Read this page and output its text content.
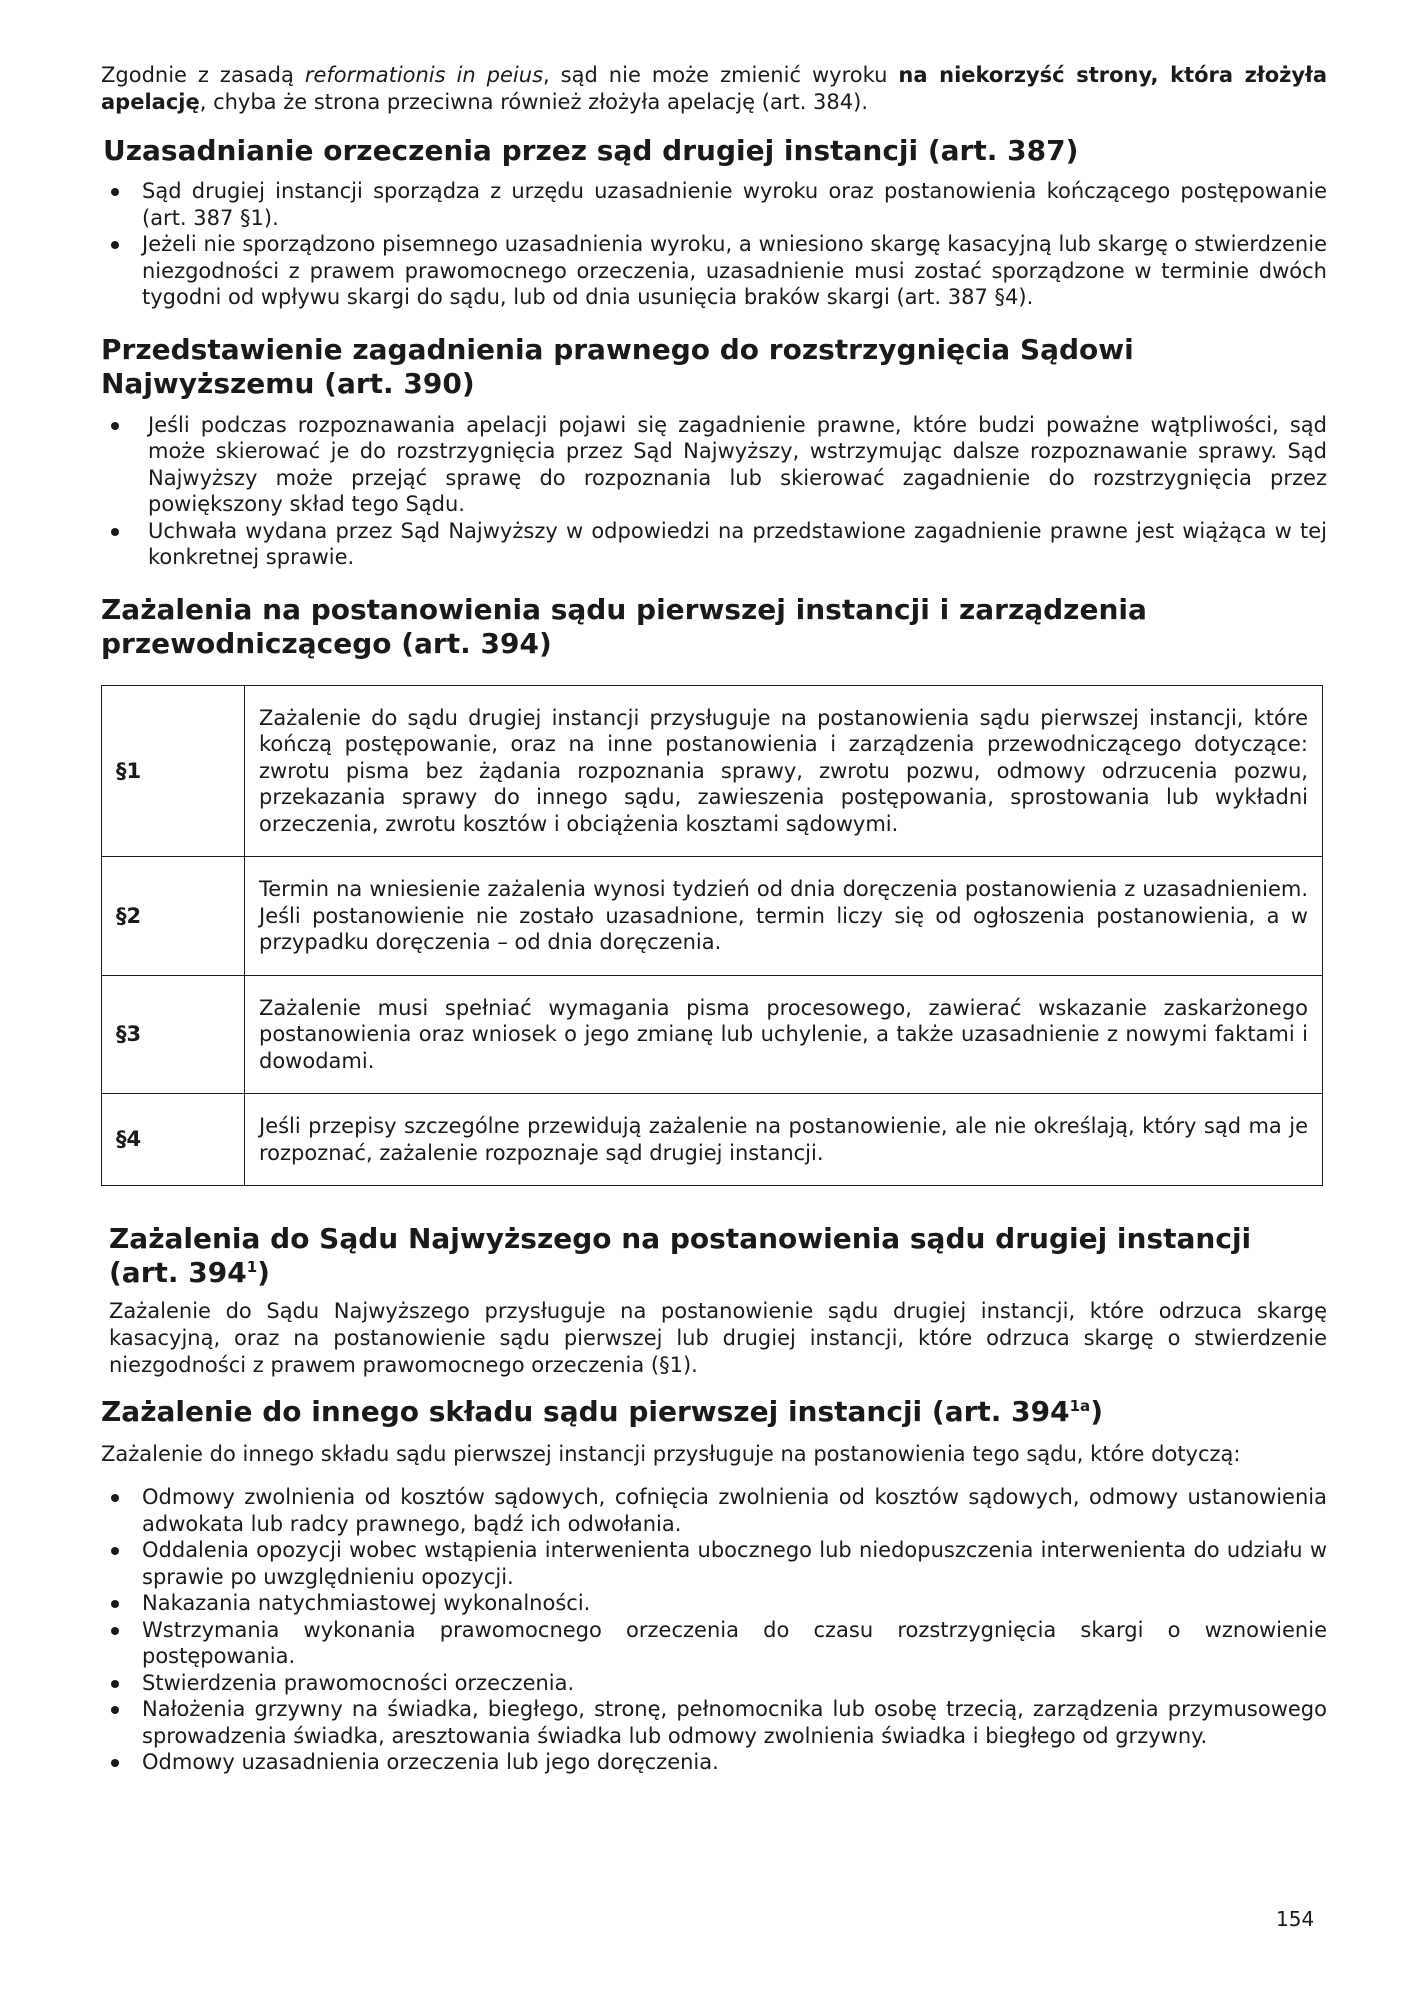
Zgodnie z zasadą reformationis in peius, sąd nie może zmienić wyroku na niekorzyść strony, która złożyła apelację, chyba że strona przeciwna również złożyła apelację (art. 384).

Uzasadnianie orzeczenia przez sąd drugiej instancji (art. 387)
Sąd drugiej instancji sporządza z urzędu uzasadnienie wyroku oraz postanowienia kończącego postępowanie (art. 387 §1).
Jeżeli nie sporządzono pisemnego uzasadnienia wyroku, a wniesiono skargę kasacyjną lub skargę o stwierdzenie niezgodności z prawem prawomocnego orzeczenia, uzasadnienie musi zostać sporządzone w terminie dwóch tygodni od wpływu skargi do sądu, lub od dnia usunięcia braków skargi (art. 387 §4).
Przedstawienie zagadnienia prawnego do rozstrzygnięcia Sądowi
Najwyższemu (art. 390)
Jeśli podczas rozpoznawania apelacji pojawi się zagadnienie prawne, które budzi poważne wątpliwości, sąd może skierować je do rozstrzygnięcia przez Sąd Najwyższy, wstrzymując dalsze rozpoznawanie sprawy. Sąd Najwyższy może przejąć sprawę do rozpoznania lub skierować zagadnienie do rozstrzygnięcia przez powiększony skład tego Sądu.
Uchwała wydana przez Sąd Najwyższy w odpowiedzi na przedstawione zagadnienie prawne jest wiążąca w tej konkretnej sprawie.
Zażalenia na postanowienia sądu pierwszej instancji i zarządzenia
przewodniczącego (art. 394)
§1	Zażalenie do sądu drugiej instancji przysługuje na postanowienia sądu pierwszej instancji, które kończą postępowanie, oraz na inne postanowienia i zarządzenia przewodniczącego dotyczące: zwrotu pisma bez żądania rozpoznania sprawy, zwrotu pozwu, odmowy odrzucenia pozwu, przekazania sprawy do innego sądu, zawieszenia postępowania, sprostowania lub wykładni orzeczenia, zwrotu kosztów i obciążenia kosztami sądowymi.
§2	Termin na wniesienie zażalenia wynosi tydzień od dnia doręczenia postanowienia z uzasadnieniem. Jeśli postanowienie nie zostało uzasadnione, termin liczy się od ogłoszenia postanowienia, a w przypadku doręczenia – od dnia doręczenia.
§3	Zażalenie musi spełniać wymagania pisma procesowego, zawierać wskazanie zaskarżonego postanowienia oraz wniosek o jego zmianę lub uchylenie, a także uzasadnienie z nowymi faktami i dowodami.
§4	Jeśli przepisy szczególne przewidują zażalenie na postanowienie, ale nie określają, który sąd ma je rozpoznać, zażalenie rozpoznaje sąd drugiej instancji.
Zażalenia do Sądu Najwyższego na postanowienia sądu drugiej instancji
(art. $394^1$)

Zażalenie do Sądu Najwyższego przysługuje na postanowienie sądu drugiej instancji, które odrzuca skargę kasacyjną, oraz na postanowienie sądu pierwszej lub drugiej instancji, które odrzuca skargę o stwierdzenie niezgodności z prawem prawomocnego orzeczenia (§1).

Zażalenie do innego składu sądu pierwszej instancji (art. $394^{1a}$)

Zażalenie do innego składu sądu pierwszej instancji przysługuje na postanowienia tego sądu, które dotyczą:

Odmowy zwolnienia od kosztów sądowych, cofnięcia zwolnienia od kosztów sądowych, odmowy ustanowienia adwokata lub radcy prawnego, bądź ich odwołania.
Oddalenia opozycji wobec wstąpienia interwenienta ubocznego lub niedopuszczenia interwenienta do udziału w sprawie po uwzględnieniu opozycji.
Nakazania natychmiastowej wykonalności.
Wstrzymania wykonania prawomocnego orzeczenia do czasu rozstrzygnięcia skargi o wznowienie postępowania.
Stwierdzenia prawomocności orzeczenia.
Nałożenia grzywny na świadka, biegłego, stronę, pełnomocnika lub osobę trzecią, zarządzenia przymusowego sprowadzenia świadka, aresztowania świadka lub odmowy zwolnienia świadka i biegłego od grzywny.
Odmowy uzasadnienia orzeczenia lub jego doręczenia.
154
